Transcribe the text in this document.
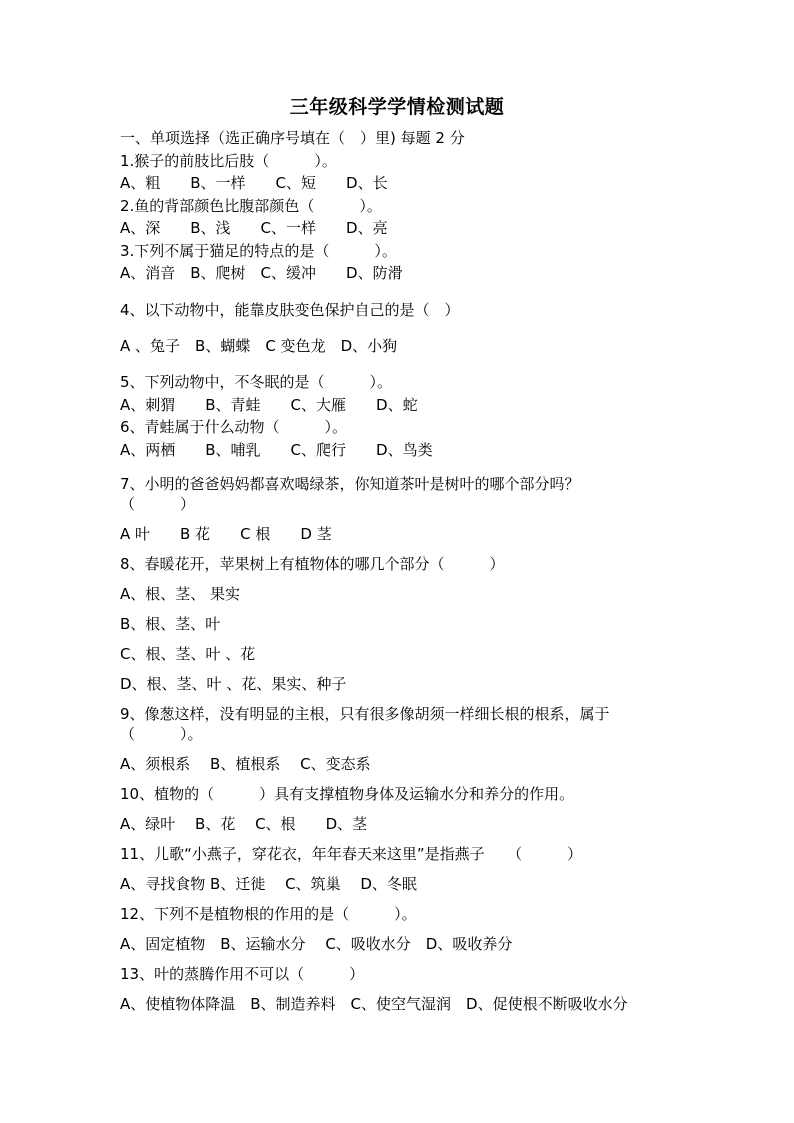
三年级科学学情检测试题
一、单项选择（选正确序号填在（　）里) 每题 2 分
1.猴子的前肢比后肢（　　　）。
A、粗　　B、一样　　C、短　　D、长
2.鱼的背部颜色比腹部颜色（　　　）。
A、深　　B、浅　　C、一样　　D、亮
3.下列不属于猫足的特点的是（　　　）。
A、消音　B、爬树　C、缓冲　　D、防滑
4、以下动物中，能靠皮肤变色保护自己的是（　）
A 、兔子　B、蝴蝶　C 变色龙　D、小狗
5、下列动物中，不冬眠的是（　　　）。
A、刺猬　　B、青蛙　　C、大雁　　D、蛇
6、青蛙属于什么动物（　　　）。
A、两栖　　B、哺乳　　C、爬行　　D、鸟类
7、小明的爸爸妈妈都喜欢喝绿茶，你知道茶叶是树叶的哪个部分吗？
（　　　）
A 叶　　B 花　　C 根　　D 茎
8、春暖花开，苹果树上有植物体的哪几个部分（　　　）
A、根、茎、 果实
B、根、茎、叶
C、根、茎、叶 、花
D、根、茎、叶 、花、果实、种子
9、像葱这样，没有明显的主根，只有很多像胡须一样细长根的根系，属于
（　　　）。
A、须根系　 B、植根系　 C、变态系
10、植物的（　　　）具有支撑植物身体及运输水分和养分的作用。
A、绿叶　 B、花　 C、根　　D、茎
11、儿歌“小燕子，穿花衣，年年春天来这里”是指燕子　　（　　　）
A、寻找食物 B、迁徙　 C、筑巢　 D、冬眠
12、下列不是植物根的作用的是（　　　）。
A、固定植物　B、运输水分　 C、吸收水分　D、吸收养分
13、叶的蒸腾作用不可以（　　　）
A、使植物体降温　B、制造养料　C、使空气湿润　D、促使根不断吸收水分
